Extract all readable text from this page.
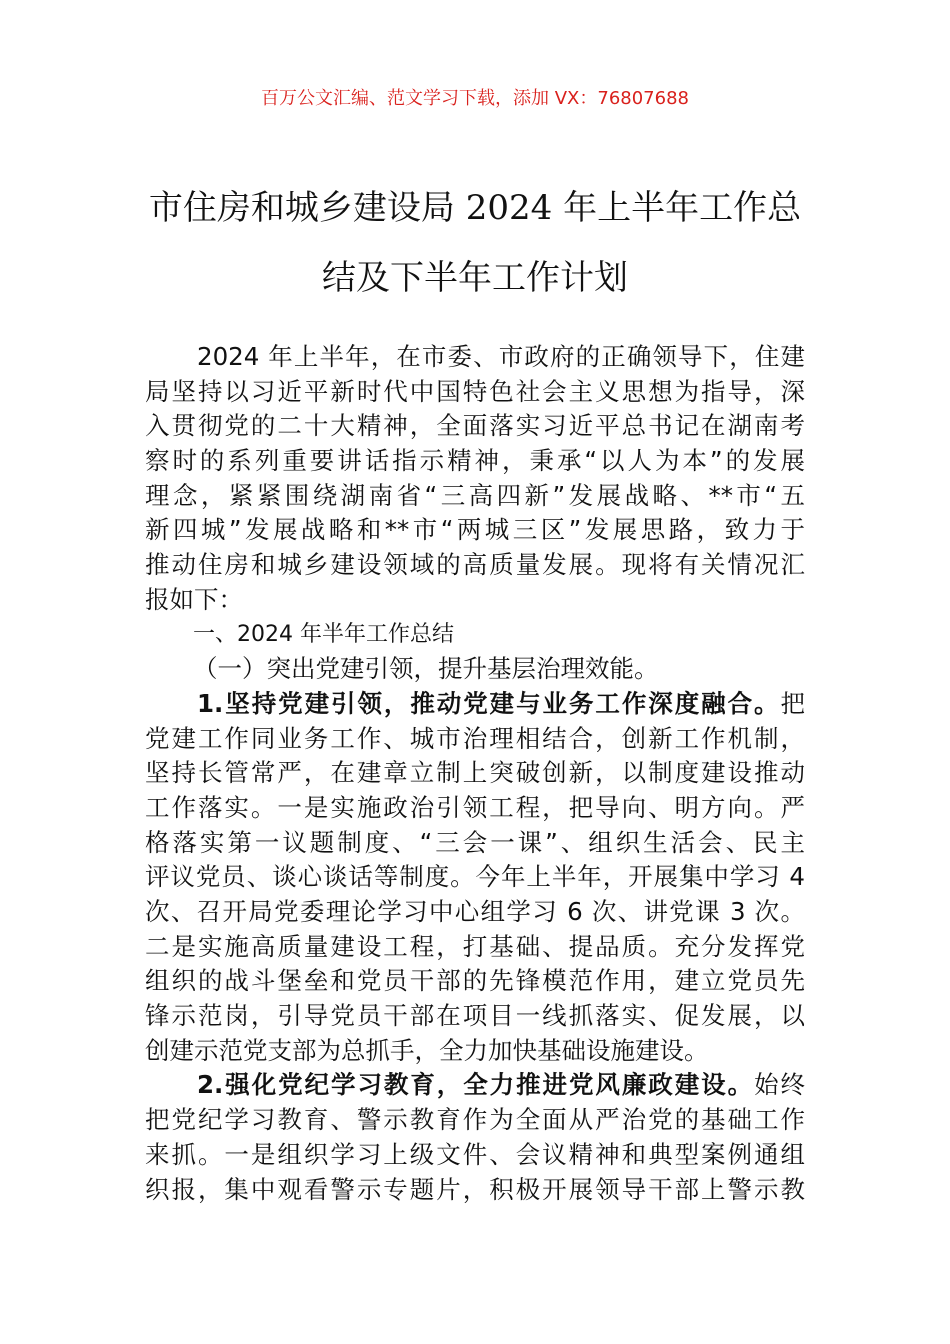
百万公文汇编、范文学习下载，添加 VX：76807688
市住房和城乡建设局 2024 年上半年工作总
结及下半年工作计划
2024 年上半年，在市委、市政府的正确领导下，住建
局坚持以习近平新时代中国特色社会主义思想为指导，深
入贯彻党的二十大精神，全面落实习近平总书记在湖南考
察时的系列重要讲话指示精神，秉承“以人为本”的发展
理念，紧紧围绕湖南省“三高四新”发展战略、**市“五
新四城”发展战略和**市“两城三区”发展思路，致力于
推动住房和城乡建设领域的高质量发展。现将有关情况汇
报如下：
一、2024 年半年工作总结
（一）突出党建引领，提升基层治理效能。
1.坚持党建引领，推动党建与业务工作深度融合。把
党建工作同业务工作、城市治理相结合，创新工作机制，
坚持长管常严，在建章立制上突破创新，以制度建设推动
工作落实。一是实施政治引领工程，把导向、明方向。严
格落实第一议题制度、“三会一课”、组织生活会、民主
评议党员、谈心谈话等制度。今年上半年，开展集中学习 4
次、召开局党委理论学习中心组学习 6 次、讲党课 3 次。
二是实施高质量建设工程，打基础、提品质。充分发挥党
组织的战斗堡垒和党员干部的先锋模范作用，建立党员先
锋示范岗，引导党员干部在项目一线抓落实、促发展，以
创建示范党支部为总抓手，全力加快基础设施建设。
2.强化党纪学习教育，全力推进党风廉政建设。始终
把党纪学习教育、警示教育作为全面从严治党的基础工作
来抓。一是组织学习上级文件、会议精神和典型案例通组
织报，集中观看警示专题片，积极开展领导干部上警示教
